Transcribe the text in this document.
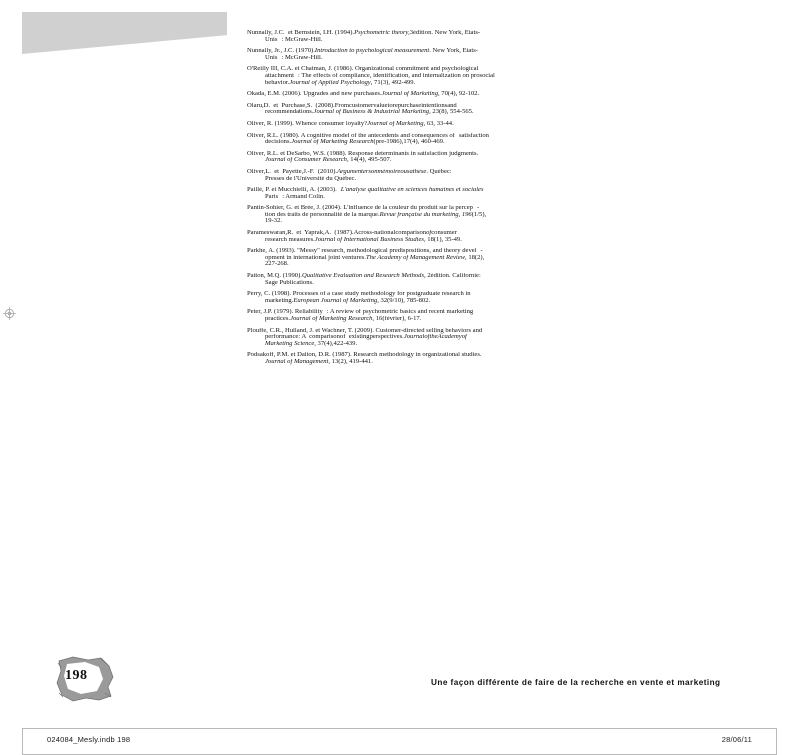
Nunnally, J.C.  et Bernstein, I.H. (1994).Psychometric theory,3édition. New York, États-
Unis : McGraw-Hill.
Nunnally, Jr., J.C. (1970).Introduction to psychological measurement. New York, États-
Unis : McGraw-Hill.
O'Reilly III, C.A. et Chatman, J. (1986). Organizational commitment and psychological
attachment : The effects of compliance, identification, and internalization on prosocial
behavior.Journal of Applied Psychology, 71(3), 492-499.
Okada, E.M. (2006). Upgrades and new purchases.Journal of Marketing, 70(4), 92-102.
Olaru,D.  et  Purchase,S.  (2008).Fromcustomervaluetorepurchaseintentionsand
recommendations.Journal of Business & Industrial Marketing, 23(8), 554-565.
Oliver, R. (1999). Whence consumer loyalty?Journal of Marketing, 63, 33-44.
Oliver, R.L. (1980). A cognitive model of the antecedents and consequences of satisfaction
decisions.Journal of Marketing Research(pre-1986),17(4), 460-469.
Oliver, R.L. et DeSarbo, W.S. (1988). Response determinants in satisfaction judgments.
Journal of Consumer Research, 14(4), 495-507.
Oliver,L.  et  Payette,J.-F.  (2010).Argumentersonmémoireousathèse. Québec:
Presses de l'Université du Québec.
Paillé, P. et Mucchielli, A. (2003). L'analyse qualitative en sciences humaines et sociales
Paris : Armand Colin.
Pantin-Sohier, G. et Brée, J. (2004). L'influence de la couleur du produit sur la percep -
tion des traits de personnalité de la marque.Revue française du marketing, 196(1/5),
19-32.
Parameswaran,R.  et  Yaprak,A.  (1987).Across-nationalcomparisonofconsumer
research measures.Journal of International Business Studies, 18(1), 35-49.
Parkhe, A. (1993). "Messy" research, methodological predispositions, and theory devel -
opment in international joint ventures.The Academy of Management Review, 18(2),
227-268.
Patton, M.Q. (1990).Qualitative Evaluation and Research Methods, 2édition. Californie:
Sage Publications.
Perry, C. (1998). Processes of a case study methodology for postgraduate research in
marketing.European Journal of Marketing, 32(9/10), 785-802.
Peter, J.P. (1979). Reliability : A review of psychometric basics and recent marketing
practices.Journal of Marketing Research, 16(février), 6-17.
Plouffe, C.R., Hulland, J. et Wachner, T. (2009). Customer-directed selling behaviors and
performance: A  comparisonof  existingperspectives.JournaloftheAcademyof
Marketing Science, 37(4),422-439.
Podsakoff, P.M. et Dalton, D.R. (1987). Research methodology in organizational studies.
Journal of Management, 13(2), 419-441.
198	Une façon différente de faire de la recherche en vente et marketing
024084_Mesly.indb 198	28/06/11
